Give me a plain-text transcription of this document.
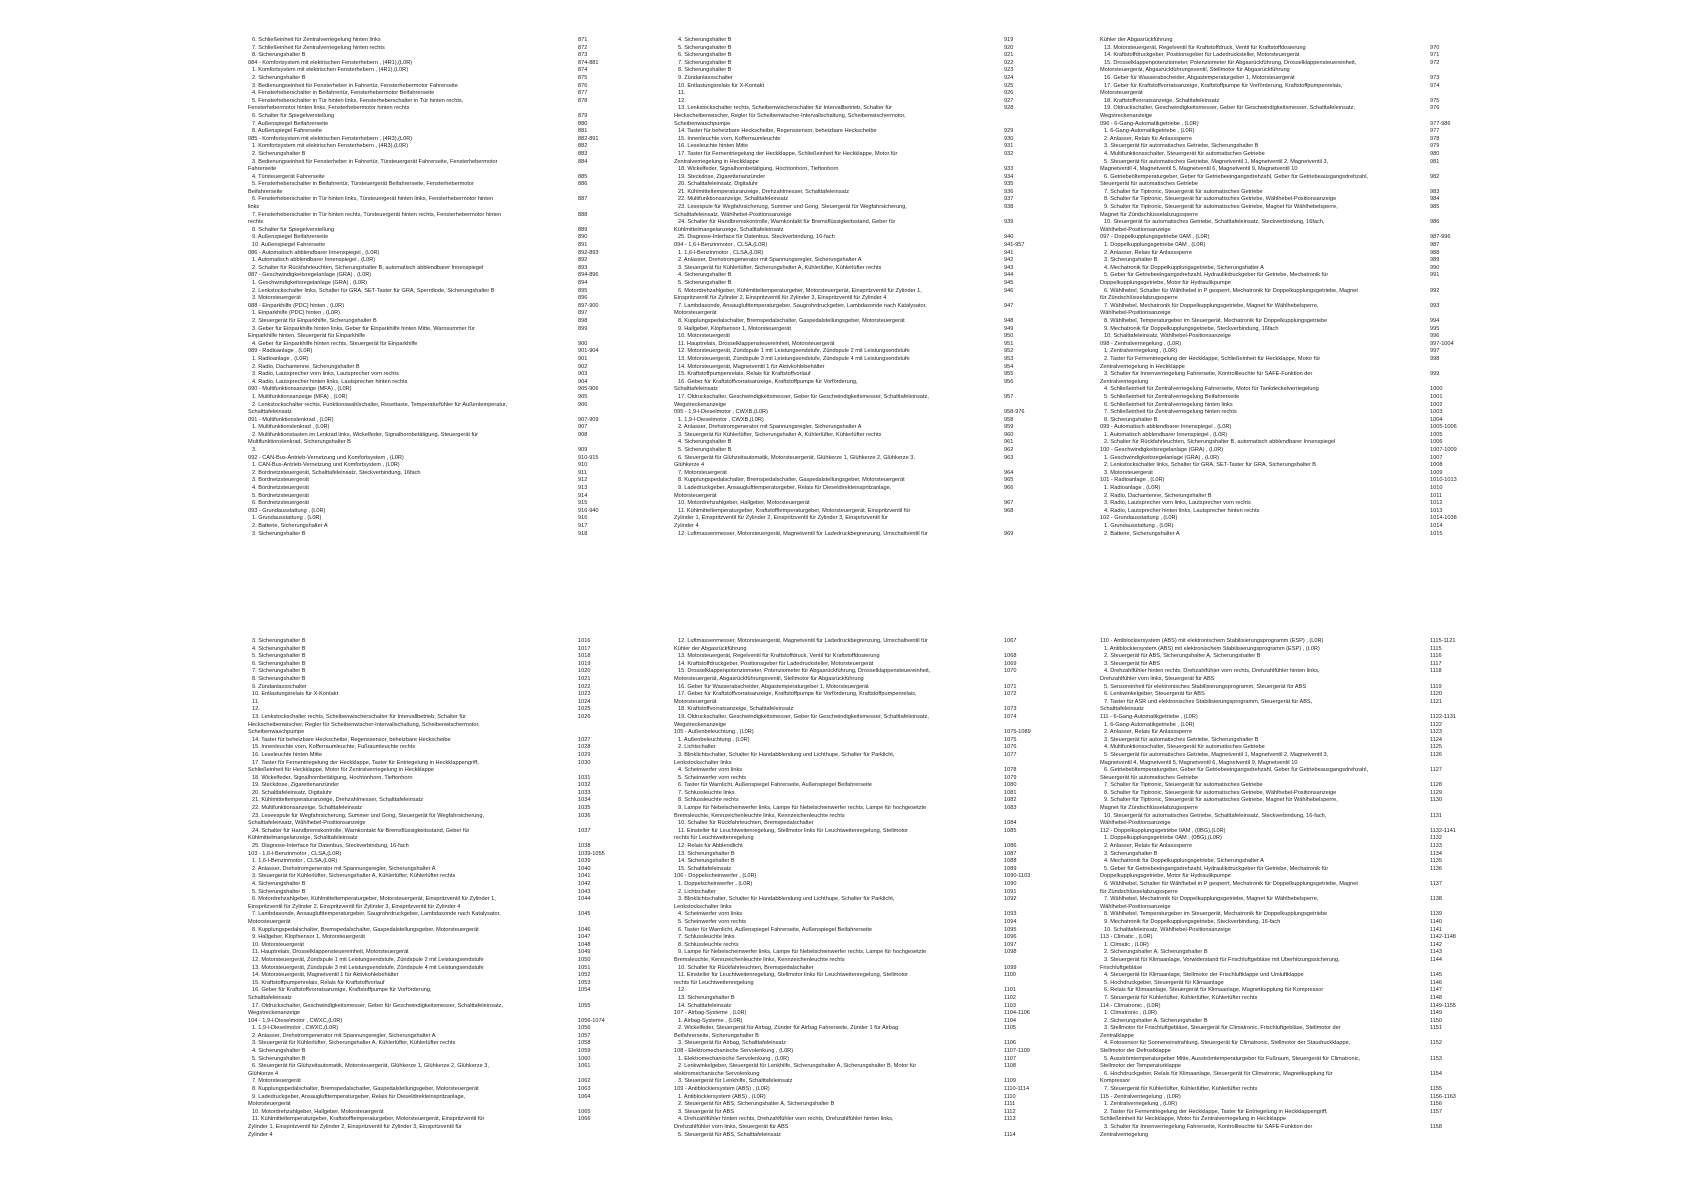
6. Schließeinheit für Zentralverriegelung hinten links	871
7. Schließeinheit für Zentralverriegelung hinten rechts	872
8. Sicherungshalter B	873
084 - Komfortsystem mit elektrischen Fensterhebern , (4R1),(L0R)	874-881
1. Komfortsystem mit elektrischen Fensterhebern , (4R1),(L0R)	874
2. Sicherungshalter B	875
3. Bedienungseinheit für Fensterheber in Fahrertür, Fensterhebermotor Fahrerseite	876
4. Fensterheberschalter in Beifahrertür, Fensterhebermotor Beifahrerseite	877
5. Fensterheberschalter in Tür hinten links, Fensterheberschalter in Tür hinten rechts,	878
Fensterhebermotor hinten links, Fensterhebermotor hinten rechts
6. Schalter für Spiegelverstellung	879
7. Außenspiegel Beifahrerseite	880
8. Außenspiegel Fahrerseite	881
085 - Komfortsystem mit elektrischen Fensterhebern , (4R3),(L0R)	882-891
1. Komfortsystem mit elektrischen Fensterhebern , (4R3),(L0R)	882
2. Sicherungshalter B	883
3. Bedienungseinheit für Fensterheber in Fahrertür, Türsteuergerät Fahrerseite, Fensterhebermotor	884
Fahrerseite
4. Türsteuergerät Fahrerseite	885
5. Fensterheberschalter in Beifahrertür, Türsteuergerät Beifahrerseite, Fensterhebermotor	886
Beifahrerseite
6. Fensterheberschalter in Tür hinten links, Türsteuergerät hinten links, Fensterhebermotor hinten	887
links
7. Fensterheberschalter in Tür hinten rechts, Türsteuergerät hinten rechts, Fensterhebermotor hinten	888
rechts
8. Schalter für Spiegelverstellung	889
9. Außenspiegel Beifahrerseite	890
10. Außenspiegel Fahrerseite	891
086 - Automatisch abblendbarer Innenspiegel , (L0R)	892-893
1. Automatisch abblendbarer Innenspiegel , (L0R)	892
2. Schalter für Rückfahrleuchten, Sicherungshalter B, automatisch abblendbarer Innenspiegel	893
087 - Geschwindigkeitsregelanlage (GRA) , (L0R)	894-896
1. Geschwindigkeitsregelanlage (GRA) , (L0R)	894
2. Lenkstockschalter links, Schalter für GRA, SET-Taster für GRA, Sperrdiode, Sicherungshalter B	895
3. Motorsteuergerät	896
088 - Einparkhilfe (PDC) hinten , (L0R)	897-900
1. Einparkhilfe (PDC) hinten , (L0R)	897
2. Steuergerät für Einparkhilfe, Sicherungshalter B	898
3. Geber für Einparkhilfe hinten links, Geber für Einparkhilfe hinten Mitte, Warnsummer für	899
Einparkhilfe hinten, Steuergerät für Einparkhilfe
4. Geber für Einparkhilfe hinten rechts, Steuergerät für Einparkhilfe	900
089 - Radioanlage , (L0R)	901-904
1. Radioanlage , (L0R)	901
2. Radio, Dachantenne, Sicherungshalter B	902
3. Radio, Lautsprecher vorn links, Lautsprecher vorn rechts	903
4. Radio, Lautsprecher hinten links, Lautsprecher hinten rechts	904
090 - Multifunktionsanzeige (MFA) , (L0R)	905-906
1. Multifunktionsanzeige (MFA) , (L0R)	905
2. Lenkstockschalter rechts, Funktionswahlschalter, Resettaste, Temperaturfühler für Außentemperatur,	906
Schalttafeleinsatz
091 - Multifunktionslenkrad , (L0R)	907-909
1. Multifunktionslenkrad , (L0R)	907
2. Multifunktionstasten im Lenkrad links, Wickelfeder, Signalhornbetätigung, Steuergerät für	908
Multifunktionslenkrad, Sicherungshalter B
3.	909
092 - CAN-Bus-Antrieb-Vernetzung und Komfortsystem , (L0R)	910-915
1. CAN-Bus-Antrieb-Vernetzung und Komfortsystem , (L0R)	910
2. Bordnetzsteuergerät, Schalttafeleinsatz, Steckverbindung, 16fach	911
3. Bordnetzsteuergerät	912
4. Bordnetzsteuergerät	913
5. Bordnetzsteuergerät	914
6. Bordnetzsteuergerät	915
093 - Grundausstattung , (L0R)	916-940
1. Grundausstattung , (L0R)	916
2. Batterie, Sicherungshalter A	917
3. Sicherungshalter B	918
4. Sicherungshalter B	919
5. Sicherungshalter B	920
6. Sicherungshalter B	921
7. Sicherungshalter B	922
8. Sicherungshalter B	923
9. Zündanlassschalter	924
10. Entlastungsrelais für X-Kontakt	925
11.	926
12.	927
13. Lenkstockschalter rechts, Scheibenwischerschalter für Intervallbetrieb, Schalter für	928
Heckscheibenwischer, Regler für Scheibenwischer-Intervallschaltung, Scheibenwischermotor,
Scheibenwaschpumpe
14. Taster für beheizbare Heckscheibe, Regenssensor, beheizbare Heckscheibe	929
15. Innenleuchte vorn, Kofferraumleuchte	930
16. Leseleuchte hinten Mitte	931
17. Taster für Fernentriegelung der Heckklappe, Schließeinheit für Heckklappe, Motor für	932
Zentralverriegelung in Heckklappe
18. Wickelfeder, Signalhornbetätigung, Hochtonhorn, Tieftonhorn	933
19. Steckdose, Zigarettenanzünder	934
20. Schalttafeleinsatz, Digitaluhr	935
21. Kühlmitteltemperaturanzeige, Drehzahlmesser, Schalttafeleinsatz	936
22. Multifunktionsanzeige, Schalttafeleinsatz	937
23. Lesespule für Wegfahrsicherung, Summer und Gong, Steuergerät für Wegfahrsicherung,	938
Schalttafeleinsatz, Wählhebel-Positionsanzeige
24. Schalter für Handbremskontrolle, Warnkontakt für Bremsflüssigkeitsstand, Geber für	939
Kühlmittelmangelanzeige, Schalttafeleinsatz
25. Diagnose-Interface für Datenbus, Steckverbindung, 16-fach	940
094 - 1,6-l-Benzinmotor , CLSA,(L0R)	941-957
1. 1,6-l-Benzinmotor , CLSA,(L0R)	941
2. Anlasser, Drehstromgenerator mit Spannungsregler, Sicherungshalter A	942
3. Steuergerät für Kühlerlüfter, Sicherungshalter A, Kühlerlüfter, Kühlerlüfter rechts	943
4. Sicherungshalter B	944
5. Sicherungshalter B	945
6. Motordrehzahlgeber, Kühlmitteltemperaturgeber, Motorsteuergerät, Einspritzventil für Zylinder 1,	946
Einspritzventil für Zylinder 2, Einspritzventil für Zylinder 3, Einspritzventil für Zylinder 4
7. Lambdasonde, Ansauglufttemperaturgeber, Saugrohrdruckgeber, Lambdasonde nach Katalysator,	947
Motorsteuergerät
8. Kupplungspedalschalter, Bremspedalschalter, Gaspedalstellungsgeber, Motorsteuergerät	948
9. Hallgeber, Klopfsensor 1, Motorsteuergerät	949
10. Motorsteuergerät	950
11. Hauptrelais, Drosselklappensteuereinheit, Motorsteuergerät	951
12. Motorsteuergerät, Zündspule 1 mit Leistungsendstufe, Zündspule 2 mit Leistungsendstufe	952
13. Motorsteuergerät, Zündspule 3 mit Leistungsendstufe, Zündspule 4 mit Leistungsendstufe	953
14. Motorsteuergerät, Magnetventil 1 für Aktivkohlebehälter	954
15. Kraftstoffpumpenrelais, Relais für Kraftstoffvorlauf	955
16. Geber für Kraftstoffvorratsanzeige, Kraftstoffpumpe für Vorförderung,	956
Schalttafeleinsatz
17. Öldruckschalter, Geschwindigkeitsmesser, Geber für Geschwindigkeitsmesser, Schalttafeleinsatz,	957
Wegstreckenanzeige
095 - 1,9-l-Dieselmotor , CWXB,(L0R)	958-976
1. 1,9-l-Dieselmotor , CWXB,(L0R)	958
2. Anlasser, Drehstromgenerator mit Spannungsregler, Sicherungshalter A	959
3. Steuergerät für Kühlerlüfter, Sicherungshalter A, Kühlerlüfter, Kühlerlüfter rechts	960
4. Sicherungshalter B	961
5. Sicherungshalter B	962
6. Steuergerät für Glühzeitautomatik, Motorsteuergerät, Glühkerze 1, Glühkerze 2, Glühkerze 3,	963
Glühkerze 4
7. Motorsteuergerät	964
8. Kupplungspedalschalter, Bremspedalschalter, Gaspedalstellungsgeber, Motorsteuergerät	965
9. Ladedruckgeber, Ansauglufttemperaturgeber, Relais für Dieseldirekteinspritzanlage,	966
Motorsteuergerät
10. Motordrehzahlgeber, Hallgeber, Motorsteuergerät	967
11. Kühlmitteltemperaturgeber, Kraftstofftemperaturgeber, Motorsteuergerät, Einspritzventil für	968
Zylinder 1, Einspritzventil für Zylinder 2, Einspritzventil für Zylinder 3, Einspritzventil für
Zylinder 4
12. Luftmassenmesser, Motorsteuergerät, Magnetventil für Ladedruckbegrenzung, Umschaltventil für	969
Kühler der Abgasrückführung
13. Motorsteuergerät, Regelventil für Kraftstoffdruck, Ventil für Kraftstoffdosierung	970
14. Kraftstoffdruckgeber, Positionsgeber für Ladedrucksteller, Motorsteuergerät	971
15. Drosselklappenpotenziometer, Potenziometer für Abgasrückführung, Drosselklappensteuereinheit,	972
Motorsteuergerät, Abgasrückführungsventil, Stellmotor für Abgasrückführung
16. Geber für Wasserabscheider, Abgastemperaturgeber 1, Motorsteuergerät	973
17. Geber für Kraftstoffvorratsanzeige, Kraftstoffpumpe für Vorförderung, Kraftstoffpumpenrelais,	974
Motorsteuergerät
18. Kraftstoffvorratsanzeige, Schalttafeleinsatz	975
19. Öldruckschalter, Geschwindigkeitsmesser, Geber für Geschwindigkeitsmesser, Schalttafeleinsatz,	976
Wegstreckenanzeige
096 - 6-Gang-Automatikgetriebe , (L0R)	977-986
1. 6-Gang-Automatikgetriebe , (L0R)	977
2. Anlasser, Relais für Anlasssperre	978
3. Steuergerät für automatisches Getriebe, Sicherungshalter B	979
4. Multifunktionsschalter, Steuergerät für automatisches Getriebe	980
5. Steuergerät für automatisches Getriebe, Magnetventil 1, Magnetventil 2, Magnetventil 3,	981
Magnetventil 4, Magnetventil 5, Magnetventil 6, Magnetventil 9, Magnetventil 10
6. Getriebeöltemperaturgeber, Geber für Getriebeeingangsdrehzahl, Geber für Getriebeausgangsdrehzahl,	982
Steuergerät für automatisches Getriebe
7. Schalter für Tiptronic, Steuergerät für automatisches Getriebe	983
8. Schalter für Tiptronic, Steuergerät für automatisches Getriebe, Wählhebel-Positionsanzeige	984
9. Schalter für Tiptronic, Steuergerät für automatisches Getriebe, Magnet für Wählhebelsperre,	985
Magnet für Zündschlüsselabzugssperre
10. Steuergerät für automatisches Getriebe, Schalttafeleinsatz, Steckverbindung, 16fach,	986
Wählhebel-Positionsanzeige
097 - Doppelkupplungsgetriebe 0AM , (L0R)	987-996
1. Doppelkupplungsgetriebe 0AM , (L0R)	987
2. Anlasser, Relais für Anlasssperre	988
3. Sicherungshalter B	989
4. Mechatronik für Doppelkupplungsgetriebe, Sicherungshalter A	990
5. Geber für Getriebeeingangsdrehzahl, Hydraulikdruckgeber für Getriebe, Mechatronik für	991
Doppelkupplungsgetriebe, Motor für Hydraulikpumpe
6. Wählhebel, Schalter für Wählhebel in P gesperrt, Mechatronik für Doppelkupplungsgetriebe, Magnet	992
für Zündschlüsselabzugssperre
7. Wählhebel, Mechatronik für Doppelkupplungsgetriebe, Magnet für Wählhebelsperre,	993
Wählhebel-Positionsanzeige
8. Wählhebel, Temperaturgeber im Steuergerät, Mechatronik für Doppelkupplungsgetriebe	994
9. Mechatronik für Doppelkupplungsgetriebe, Steckverbindung, 16fach	995
10. Schalttafeleinsatz, Wählhebel-Positionsanzeige	996
098 - Zentralverriegelung , (L0R)	997-1004
1. Zentralverriegelung , (L0R)	997
2. Taster für Fernentriegelung der Heckklappe, Schließeinheit für Heckklappe, Motor für	998
Zentralverriegelung in Heckklappe
3. Schalter für Innenverriegelung Fahrerseite, Kontrollleuchte für SAFE-Funktion der	999
Zentralverriegelung
4. Schließeinheit für Zentralverriegelung Fahrerseite, Motor für Tankdeckelverriegelung	1000
5. Schließeinheit für Zentralverriegelung Beifahrerseite	1001
6. Schließeinheit für Zentralverriegelung hinten links	1002
7. Schließeinheit für Zentralverriegelung hinten rechts	1003
8. Sicherungshalter B	1004
099 - Automatisch abblendbarer Innenspiegel , (L0R)	1005-1006
1. Automatisch abblendbarer Innenspiegel , (L0R)	1005
2. Schalter für Rückfahrleuchten, Sicherungshalter B, automatisch abblendbarer Innenspiegel	1006
100 - Geschwindigkeitsregelanlage (GRA) , (L0R)	1007-1009
1. Geschwindigkeitsregelanlage (GRA) , (L0R)	1007
2. Lenkstockschalter links, Schalter für GRA, SET-Taster für GRA, Sicherungshalter B	1008
3. Motorsteuergerät	1009
101 - Radioanlage , (L0R)	1010-1013
1. Radioanlage , (L0R)	1010
2. Radio, Dachantenne, Sicherungshalter B	1011
3. Radio, Lautsprecher vorn links, Lautsprecher vorn rechts	1012
4. Radio, Lautsprecher hinten links, Lautsprecher hinten rechts	1013
102 - Grundausstattung , (L0R)	1014-1038
1. Grundausstattung , (L0R)	1014
2. Batterie, Sicherungshalter A	1015
3. Sicherungshalter B	1016
4. Sicherungshalter B	1017
5. Sicherungshalter B	1018
6. Sicherungshalter B	1019
7. Sicherungshalter B	1020
8. Sicherungshalter B	1021
9. Zündanlassschalter	1022
10. Entlastungsrelais für X-Kontakt	1023
11.	1024
12.	1025
13. Lenkstockschalter rechts, Scheibenwischerschalter für Intervallbetrieb, Schalter für	1026
Heckscheibenwischer, Regler für Scheibenwischer-Intervallschaltung, Scheibenwischermotor,
Scheibenwaschpumpe
14. Taster für beheizbare Heckscheibe, Regenssensor, beheizbare Heckscheibe	1027
15. Innenleuchte vorn, Kofferraumleuchte, Fußraumleuchte rechts	1028
16. Leseleuchte hinten Mitte	1029
17. Taster für Fernentriegelung der Heckklappe, Taster für Entriegelung in Heckklappengriff,	1030
Schließeinheit für Heckklappe, Motor für Zentralverriegelung in Heckklappe
18. Wickelfeder, Signalhornbetätigung, Hochtonhorn, Tieftonhorn	1031
19. Steckdose, Zigarettenanzünder	1032
20. Schalttafeleinsatz, Digitaluhr	1033
21. Kühlmitteltemperaturanzeige, Drehzahlmesser, Schalttafeleinsatz	1034
22. Multifunktionsanzeige, Schalttafeleinsatz	1035
23. Leseespule für Wegfahrsicherung, Summer und Gong, Steuergerät für Wegfahrsicherung,	1036
Schalttafeleinsatz, Wählhebel-Positionsanzeige
24. Schalter für Handbremskontrolle, Warnkontakt für Bremsflüssigkeitsstand, Geber für	1037
Kühlmittelmangelanzeige, Schalttafeleinsatz
25. Diagnose-Interface für Datenbus, Steckverbindung, 16-fach	1038
103 - 1,6-l-Benzinmotor , CLSA,(L0R)	1039-1055
1. 1,6-l-Benzinmotor , CLSA,(L0R)	1039
2. Anlasser, Drehstromgenerator mit Spannungsregler, Sicherungshalter A	1040
3. Steuergerät für Kühlerlüfter, Sicherungshalter A, Kühlerlüfter, Kühlerlüfter rechts	1041
4. Sicherungshalter B	1042
5. Sicherungshalter B	1043
6. Motordrehzahlgeber, Kühlmitteltemperaturgeber, Motorsteuergerät, Einspritzventil für Zylinder 1,	1044
Einspritzventil für Zylinder 2, Einspritzventil für Zylinder 3, Einspritzventil für Zylinder 4
7. Lambdasonde, Ansauglufttemperaturgeber, Saugrohrdruckgeber, Lambdasonde nach Katalysator,	1045
Motorsteuergerät
8. Kupplungspedalschalter, Bremspedalschalter, Gaspedalstellungsgeber, Motorsteuergerät	1046
9. Hallgeber, Klopfsensor 1, Motorsteuergerät	1047
10. Motorsteuergerät	1048
11. Hauptrelais, Drosselklappensteuereinheit, Motorsteuergerät	1049
12. Motorsteuergerät, Zündspule 1 mit Leistungsendstufe, Zündspule 2 mit Leistungsendstufe	1050
13. Motorsteuergerät, Zündspule 3 mit Leistungsendstufe, Zündspule 4 mit Leistungsendstufe	1051
14. Motorsteuergerät, Magnetventil 1 für Aktivkohlebehälter	1052
15. Kraftstoffpumpenrelais, Relais für Kraftstoffvorlauf	1053
16. Geber für Kraftstoffvorratsanzeige, Kraftstoffpumpe für Vorförderung,	1054
Schalttafeleinsatz
17. Öldruckschalter, Geschwindigkeitsmesser, Geber für Geschwindigkeitsmesser, Schalttafeleinsatz,	1055
Wegstreckenanzeige
104 - 1,9-l-Dieselmotor , CWXC,(L0R)	1056-1074
1. 1,9-l-Dieselmotor , CWXC,(L0R)	1056
2. Anlasser, Drehstromgenerator mit Spannungsregler, Sicherungshalter A	1057
3. Steuergerät für Kühlerlüfter, Sicherungshalter A, Kühlerlüfter, Kühlerlüfter rechts	1058
4. Sicherungshalter B	1059
5. Sicherungshalter B	1060
6. Steuergerät für Glühzeitautomatik, Motorsteuergerät, Glühkerze 1, Glühkerze 2, Glühkerze 3,	1061
Glühkerze 4
7. Motorsteuergerät	1062
8. Kupplungspedalschalter, Bremspedalschalter, Gaspedalstellungsgeber, Motorsteuergerät	1063
9. Ladedruckgeber, Ansauglufttemperaturgeber, Relais für Dieseldirekteinspritzanlage,	1064
Motorsteuergerät
10. Motordrehzahlgeber, Hallgeber, Motorsteuergerät	1065
11. Kühlmitteltemperaturgeber, Kraftstofftemperaturgeber, Motorsteuergerät, Einspritzventil für	1066
Zylinder 1, Einspritzventil für Zylinder 2, Einspritzventil für Zylinder 3, Einspritzventil für
Zylinder 4
12. Luftmassenmesser, Motorsteuergerät, Magnetventil für Ladedruckbegrenzung, Umschaltventil für	1067
Kühler der Abgasrückführung
13. Motorsteuergerät, Regelventil für Kraftstoffdruck, Ventil für Kraftstoffdosierung	1068
14. Kraftstoffdruckgeber, Positionsgeber für Ladedrucksteller, Motorsteuergerät	1069
15. Drosselklappenpotenziometer, Potenziometer für Abgasrückführung, Drosselklappensteuereinheit,	1070
Motorsteuergerät, Abgasrückführungsventil, Stellmotor für Abgasrückführung
16. Geber für Wasserabscheider, Abgastemperaturgeber 1, Motorsteuergerät	1071
17. Geber für Kraftstoffvorratsanzeige, Kraftstoffpumpe für Vorförderung, Kraftstoffpumpenrelais,	1072
Motorsteuergerät
18. Kraftstoffvorratsanzeige, Schalttafeleinsatz	1073
19. Öldruckschalter, Geschwindigkeitsmesser, Geber für Geschwindigkeitsmesser, Schalttafeleinsatz,	1074
Wegstreckenanzeige
105 - Außenbeleuchtung , (L0R)	1075-1089
1. Außenbeleuchtung , (L0R)	1075
2. Lichtschalter	1076
3. Blinklichtschalter, Schalter für Handabblendung und Lichthupe, Schalter für Parklicht,	1077
Lenkstockschalter links
4. Scheinwerfer vorn links	1078
5. Scheinwerfer vorn rechts	1079
6. Taster für Warnlicht, Außenspiegel Fahrerseite, Außenspiegel Beifahrerseite	1080
7. Schlussleuchte links	1081
8. Schlussleuchte rechts	1082
9. Lampe für Nebelscheinwerfer links, Lampe für Nebelscheinwerfer rechts, Lampe für hochgesetzte	1083
Bremsleuchte, Kennzeichenleuchte links, Kennzeichenleuchte rechts
10. Schalter für Rückfahrleuchten, Bremspedalschalter	1084
11. Einsteller für Leuchtweitenregelung, Stellmotor links für Leuchtweitenregelung, Stellmotor	1085
rechts für Leuchtweitenregelung
12. Relais für Abblendlicht	1086
13. Sicherungshalter B	1087
14. Sicherungshalter B	1088
15. Schalttafeleinsatz	1089
106 - Doppelscheinwerfer , (L0R)	1090-1103
1. Doppelscheinwerfer , (L0R)	1090
2. Lichtschalter	1091
3. Blinklichtschalter, Schalter für Handabblendung und Lichthupe, Schalter für Parklicht,	1092
Lenkstockschalter links
4. Scheinwerfer vorn links	1093
5. Scheinwerfer vorn rechts	1094
6. Taster für Warnlicht, Außenspiegel Fahrerseite, Außenspiegel Beifahrerseite	1095
7. Schlussleuchte links	1096
8. Schlussleuchte rechts	1097
9. Lampe für Nebelscheinwerfer links, Lampe für Nebelscheinwerfer rechts, Lampe für hochgesetzte	1098
Bremsleuchte, Kennzeichenleuchte links, Kennzeichenleuchte rechts
10. Schalter für Rückfahrleuchten, Bremspedalschalter	1099
11. Einsteller für Leuchtweitenregelung, Stellmotor links für Leuchtweitenregelung, Stellmotor	1100
rechts für Leuchtweitenregelung
12.	1101
13. Sicherungshalter B	1102
14. Schalttafeleinsatz	1103
107 - Airbag-Systeme , (L0R)	1104-1106
1. Airbag-Systeme , (L0R)	1104
2. Wickelfeder, Steuergerät für Airbag, Zünder für Airbag Fahrerseite, Zünder 1 für Airbag	1105
Beifahrerseite, Sicherungshalter B
3. Steuergerät für Airbag, Schalttafeleinsatz	1106
108 - Elektromechanische Servolenkung , (L0R)	1107-1109
1. Elektromechanische Servolenkung , (L0R)	1107
2. Lenkwinkelgeber, Steuergerät für Lenkhilfe, Sicherungshalter A, Sicherungshalter B, Motor für	1108
elektromechanische Servolenkung
3. Steuergerät für Lenkhilfe, Schalttafeleinsatz	1109
109 - Antiblockiersystem (ABS) , (L0R)	1110-1114
1. Antiblockiersystem (ABS) , (L0R)	1110
2. Steuergerät für ABS, Sicherungshalter A, Sicherungshalter B	1111
3. Steuergerät für ABS	1112
4. Drehzahlfühler hinten rechts, Drehzahlfühler vorn rechts, Drehzahlfühler hinten links,	1113
Drehzahlfühler vorn links, Steuergerät für ABS
5. Steuergerät für ABS, Schalttafeleinsatz	1114
110 - Antiblockiersystem (ABS) mit elektronischem Stabilisierungsprogramm (ESP) , (L0R)	1115-1121
1. Antiblockiersystem (ABS) mit elektronischem Stabilisierungsprogramm (ESP) , (L0R)	1115
2. Steuergerät für ABS, Sicherungshalter A, Sicherungshalter B	1116
3. Steuergerät für ABS	1117
4. Drehzahlfühler hinten rechts, Drehzahlfühler vorn rechts, Drehzahlfühler hinten links,	1118
Drehzahlfühler vorn links, Steuergerät für ABS
5. Sensoreinheit für elektronisches Stabilisierungsprogramm, Steuergerät für ABS	1119
6. Lenkwinkelgeber, Steuergerät für ABS	1120
7. Taster für ASR und elektronisches Stabilisierungsprogramm, Steuergerät für ABS,	1121
Schalttafeleinsatz
111 - 6-Gang-Automatikgetriebe , (L0R)	1122-1131
1. 6-Gang-Automatikgetriebe , (L0R)	1122
2. Anlasser, Relais für Anlasssperre	1123
3. Steuergerät für automatisches Getriebe, Sicherungshalter B	1124
4. Multifunktionsschalter, Steuergerät für automatisches Getriebe	1125
5. Steuergerät für automatisches Getriebe, Magnetventil 1, Magnetventil 2, Magnetventil 3,	1126
Magnetventil 4, Magnetventil 5, Magnetventil 6, Magnetventil 9, Magnetventil 10
6. Getriebeöltemperaturgeber, Geber für Getriebeeingangsdrehzahl, Geber für Getriebeausgangsdrehzahl,	1127
Steuergerät für automatisches Getriebe
7. Schalter für Tiptronic, Steuergerät für automatisches Getriebe	1128
8. Schalter für Tiptronic, Steuergerät für automatisches Getriebe, Wählhebel-Positionsanzeige	1129
9. Schalter für Tiptronic, Steuergerät für automatisches Getriebe, Magnet für Wählhebelsperre,	1130
Magnet für Zündschlüsselabzugssperre
10. Steuergerät für automatisches Getriebe, Schalttafeleinsatz, Steckverbindung, 16-fach,	1131
Wählhebel-Positionsanzeige
112 - Doppelkupplungsgetriebe 0AM , (0BG),(L0R)	1132-1141
1. Doppelkupplungsgetriebe 0AM , (0BG),(L0R)	1132
2. Anlasser, Relais für Anlasssperre	1133
3. Sicherungshalter B	1134
4. Mechatronik für Doppelkupplungsgetriebe, Sicherungshalter A	1135
5. Geber für Getriebeeingangsdrehzahl, Hydraulikdruckgeber für Getriebe, Mechatronik für	1136
Doppelkupplungsgetriebe, Motor für Hydraulikpumpe
6. Wählhebel, Schalter für Wählhebel in P gesperrt, Mechatronik für Doppelkupplungsgetriebe, Magnet	1137
für Zündschlüsselabzugssperre
7. Wählhebel, Mechatronik für Doppelkupplungsgetriebe, Magnet für Wählhebelsperre,	1138
Wählhebel-Positionsanzeige
8. Wählhebel, Temperaturgeber im Steuergerät, Mechatronik für Doppelkupplungsgetriebe	1139
9. Mechatronik für Doppelkupplungsgetriebe, Steckverbindung, 16-fach	1140
10. Schalttafeleinsatz, Wählhebel-Positionsanzeige	1141
113 - Climatic , (L0R)	1142-1148
1. Climatic , (L0R)	1142
2. Sicherungshalter A, Sicherungshalter B	1143
3. Steuergerät für Klimaanlage, Vorwiderstand für Frischluftgebläse mit Überhitzungssicherung,	1144
Frischluftgebläse
4. Steuergerät für Klimaanlage, Stellmotor der Frischluftklappe und Umluftklappe	1145
5. Hochdruckgeber, Steuergerät für Klimaanlage	1146
6. Relais für Klimaanlage, Steuergerät für Klimaanlage, Magnetkupplung für Kompressor	1147
7. Steuergerät für Kühlerlüfter, Kühlerlüfter, Kühlerlüfter rechts	1148
114 - Climatronic , (L0R)	1149-1155
1. Climatronic , (L0R)	1149
2. Sicherungshalter A, Sicherungshalter B	1150
3. Stellmotor für Frischluftgebläse, Steuergerät für Climatronic, Frischluftgebläse, Stellmotor der	1151
Zentralklappe
4. Fotosensor für Sonneneinstrahlung, Steuergerät für Climatronic, Stellmotor der Staudruckklappe,	1152
Stellmotor der Defrostklappe
5. Ausströmtemperaturgeber Mitte, Ausströmtemperaturgeber für Fußraum, Steuergerät für Climatronic,	1153
Stellmotor der Temperaturklappe
6. Hochdruckgeber, Relais für Klimaanlage, Steuergerät für Climatronic, Magnetkupplung für	1154
Kompressor
7. Steuergerät für Kühlerlüfter, Kühlerlüfter, Kühlerlüfter rechts	1155
115 - Zentralverriegelung , (L0R)	1156-1163
1. Zentralverriegelung , (L0R)	1156
2. Taster für Fernentriegelung der Heckklappe, Taster für Entriegelung in Heckklappengriff,	1157
Schließeinheit für Heckklappe, Motor für Zentralverriegelung in Heckklappe
3. Schalter für Innenverriegelung Fahrerseite, Kontrollleuchte für SAFE-Funktion der	1158
Zentralverriegelung
